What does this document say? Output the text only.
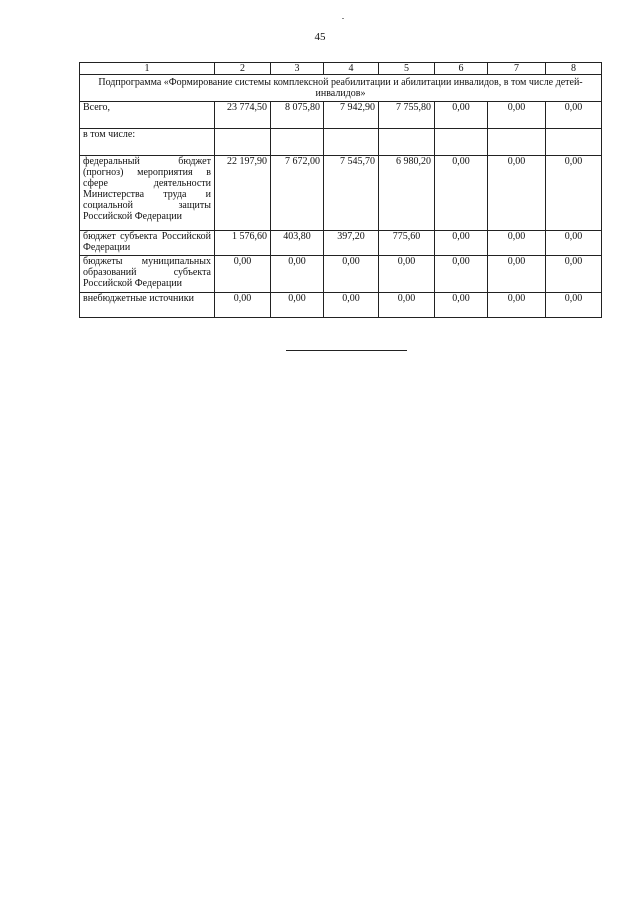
45
1	2	3	4	5	6	7	8
Подпрограмма «Формирование системы комплексной реабилитации и абилитации инвалидов, в том числе детей-инвалидов»							
Всего,	23 774,50	8 075,80	7 942,90	7 755,80	0,00	0,00	0,00
в том числе:							
федеральный бюджет (прогноз) мероприятия в сфере деятельности Министерства труда и социальной защиты Российской Федерации	22 197,90	7 672,00	7 545,70	6 980,20	0,00	0,00	0,00
бюджет субъекта Российской Федерации	1 576,60	403,80	397,20	775,60	0,00	0,00	0,00
бюджеты муниципальных образований субъекта Российской Федерации	0,00	0,00	0,00	0,00	0,00	0,00	0,00
внебюджетные источники	0,00	0,00	0,00	0,00	0,00	0,00	0,00
